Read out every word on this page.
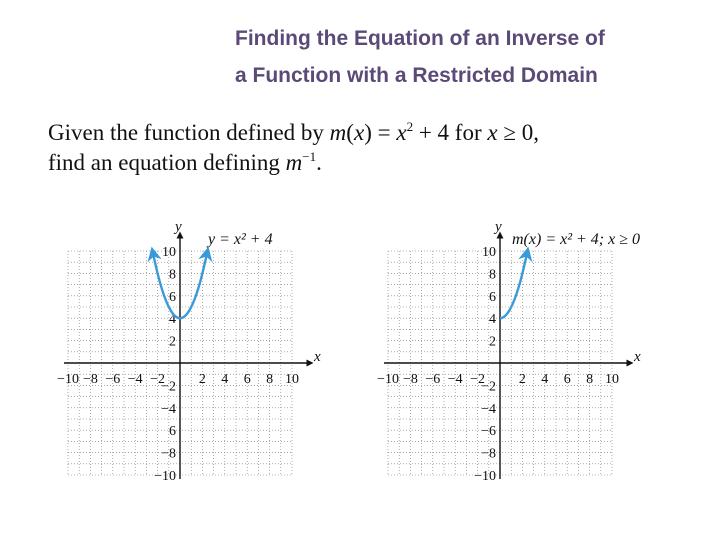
Finding the Equation of an Inverse of
a Function with a Restricted Domain
Given the function defined by $m(x) = x^2 + 4$ for x ≥ 0,
find an equation defining $m^{-1}$.
x
y
−10 −8 −6 −4 −2 2 4 6 8 10
10
8
6
4
2
−2
−4
6
−8
−10
y = x² + 4
x
y
−10 −8 −6 −4 −2 2 4 6 8 10
10
8
6
4
2
−2
−4
−6
−8
−10
m(x) = x² + 4; x ≥ 0
